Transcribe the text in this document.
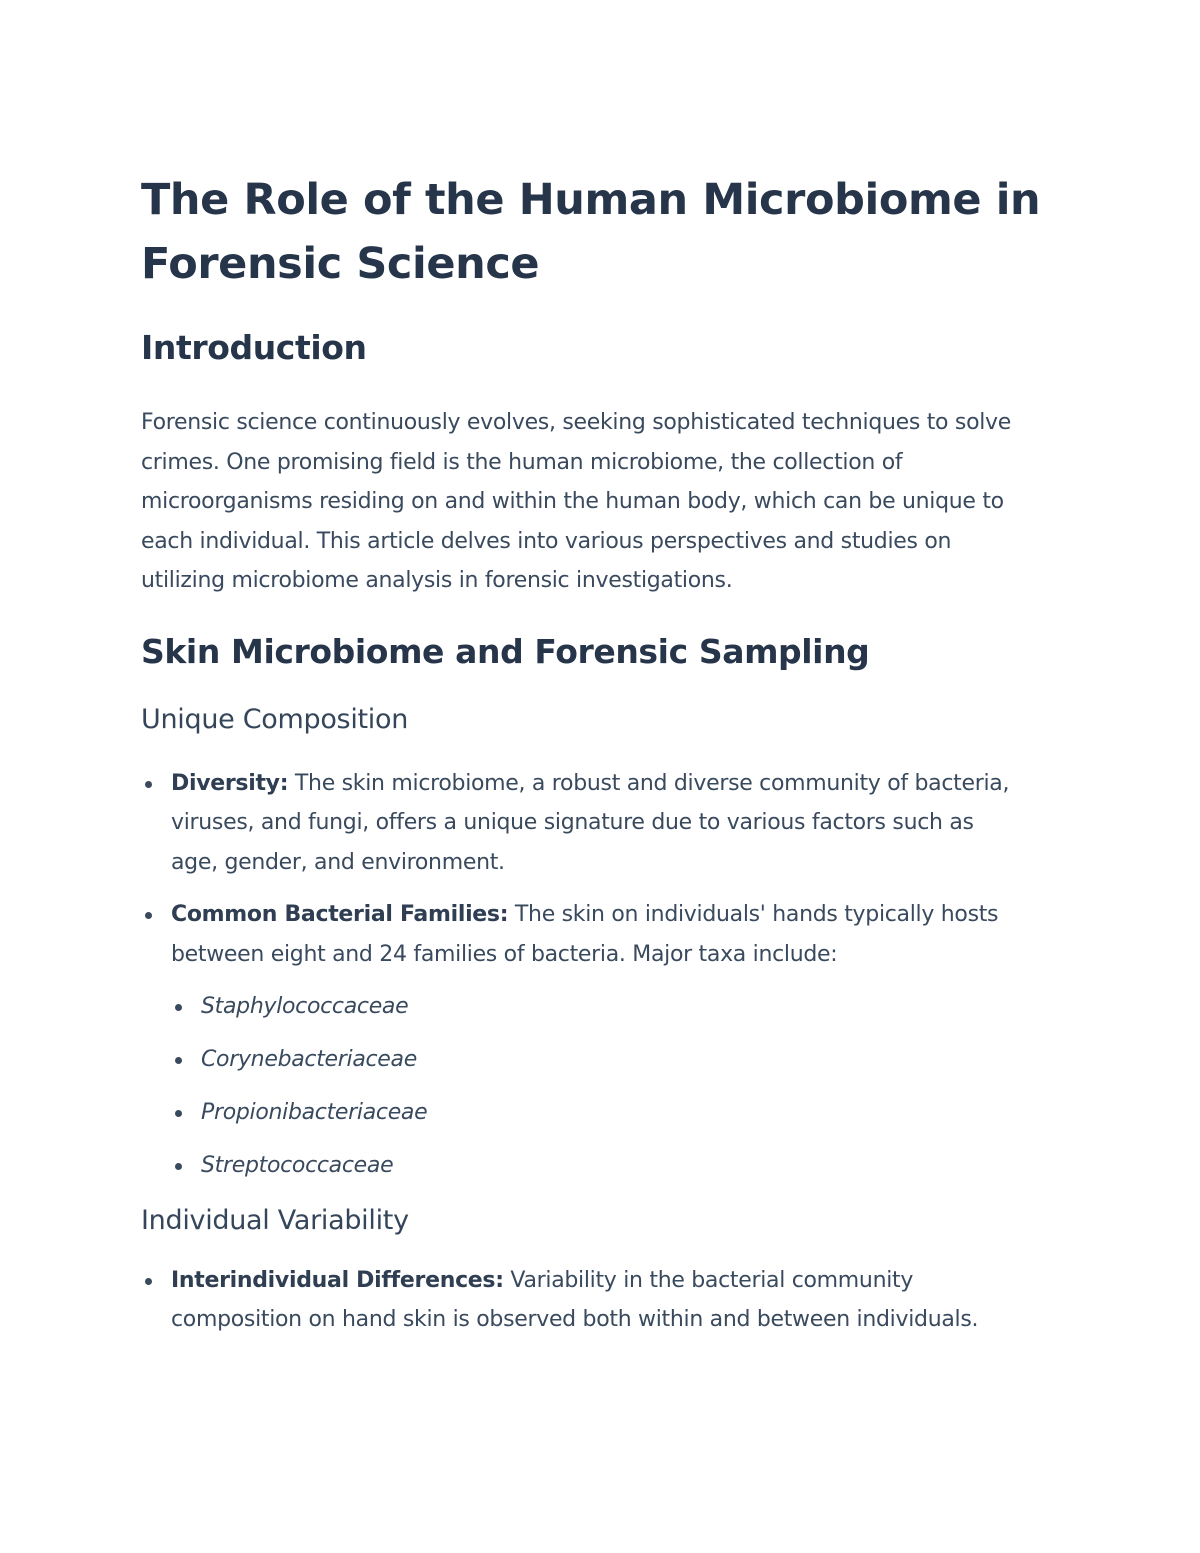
The Role of the Human Microbiome in Forensic Science
Introduction

Forensic science continuously evolves, seeking sophisticated techniques to solve crimes. One promising field is the human microbiome, the collection of microorganisms residing on and within the human body, which can be unique to each individual. This article delves into various perspectives and studies on utilizing microbiome analysis in forensic investigations.

Skin Microbiome and Forensic Sampling
Unique Composition
Diversity: The skin microbiome, a robust and diverse community of bacteria, viruses, and fungi, offers a unique signature due to various factors such as age, gender, and environment.
Common Bacterial Families: The skin on individuals' hands typically hosts between eight and 24 families of bacteria. Major taxa include:
Staphylococcaceae
Corynebacteriaceae
Propionibacteriaceae
Streptococcaceae
Individual Variability
Interindividual Differences: Variability in the bacterial community composition on hand skin is observed both within and between individuals.
